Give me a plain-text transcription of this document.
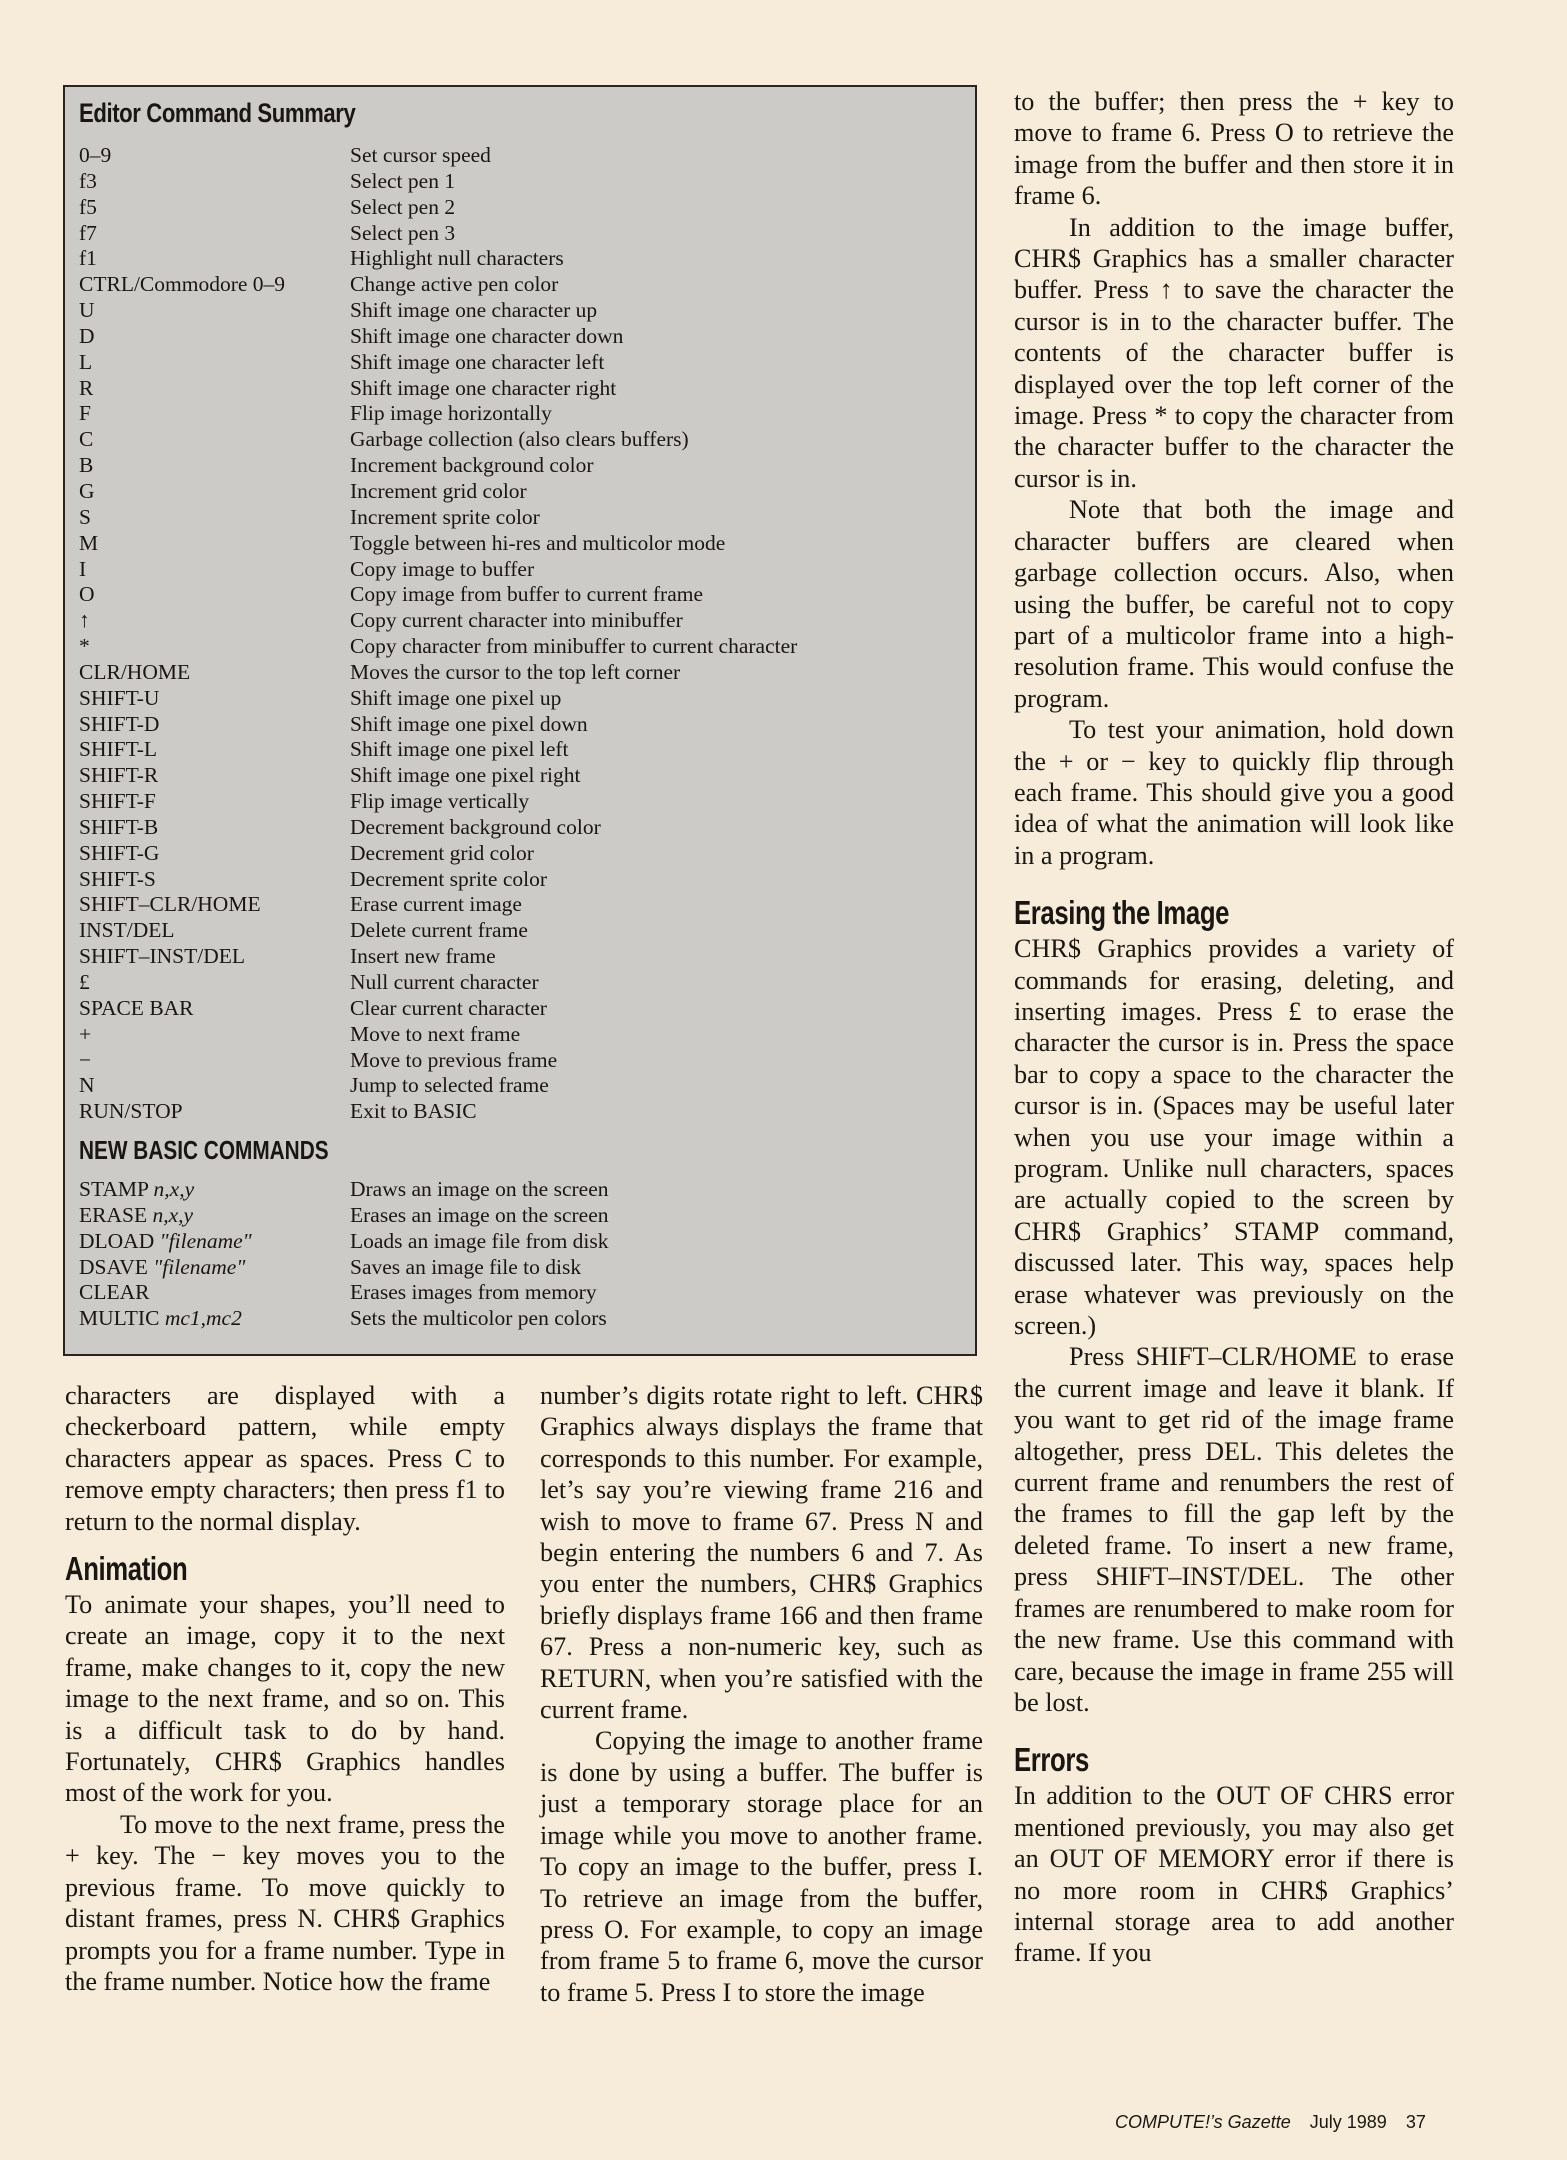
Editor Command Summary
0–9	Set cursor speed
f3	Select pen 1
f5	Select pen 2
f7	Select pen 3
f1	Highlight null characters
CTRL/Commodore 0–9	Change active pen color
U	Shift image one character up
D	Shift image one character down
L	Shift image one character left
R	Shift image one character right
F	Flip image horizontally
C	Garbage collection (also clears buffers)
B	Increment background color
G	Increment grid color
S	Increment sprite color
M	Toggle between hi-res and multicolor mode
I	Copy image to buffer
O	Copy image from buffer to current frame
↑	Copy current character into minibuffer
*	Copy character from minibuffer to current character
CLR/HOME	Moves the cursor to the top left corner
SHIFT-U	Shift image one pixel up
SHIFT-D	Shift image one pixel down
SHIFT-L	Shift image one pixel left
SHIFT-R	Shift image one pixel right
SHIFT-F	Flip image vertically
SHIFT-B	Decrement background color
SHIFT-G	Decrement grid color
SHIFT-S	Decrement sprite color
SHIFT–CLR/HOME	Erase current image
INST/DEL	Delete current frame
SHIFT–INST/DEL	Insert new frame
£	Null current character
SPACE BAR	Clear current character
+	Move to next frame
−	Move to previous frame
N	Jump to selected frame
RUN/STOP	Exit to BASIC
NEW BASIC COMMANDS
STAMP n,x,y	Draws an image on the screen
ERASE n,x,y	Erases an image on the screen
DLOAD "filename"	Loads an image file from disk
DSAVE "filename"	Saves an image file to disk
CLEAR	Erases images from memory
MULTIC mc1,mc2	Sets the multicolor pen colors

characters are displayed with a checkerboard pattern, while empty characters appear as spaces. Press C to remove empty characters; then press f1 to return to the normal display.

Animation

To animate your shapes, you’ll need to create an image, copy it to the next frame, make changes to it, copy the new image to the next frame, and so on. This is a difficult task to do by hand. Fortunately, CHR$ Graphics handles most of the work for you.

To move to the next frame, press the + key. The − key moves you to the previous frame. To move quickly to distant frames, press N. CHR$ Graphics prompts you for a frame number. Type in the frame number. Notice how the frame

number’s digits rotate right to left. CHR$ Graphics always displays the frame that corresponds to this number. For example, let’s say you’re viewing frame 216 and wish to move to frame 67. Press N and begin entering the numbers 6 and 7. As you enter the numbers, CHR$ Graphics briefly displays frame 166 and then frame 67. Press a non-numeric key, such as RETURN, when you’re satisfied with the current frame.

Copying the image to another frame is done by using a buffer. The buffer is just a temporary storage place for an image while you move to another frame. To copy an image to the buffer, press I. To retrieve an image from the buffer, press O. For example, to copy an image from frame 5 to frame 6, move the cursor to frame 5. Press I to store the image

to the buffer; then press the + key to move to frame 6. Press O to retrieve the image from the buffer and then store it in frame 6.

In addition to the image buffer, CHR$ Graphics has a smaller character buffer. Press ↑ to save the character the cursor is in to the character buffer. The contents of the character buffer is displayed over the top left corner of the image. Press * to copy the character from the character buffer to the character the cursor is in.

Note that both the image and character buffers are cleared when garbage collection occurs. Also, when using the buffer, be careful not to copy part of a multicolor frame into a high-resolution frame. This would confuse the program.

To test your animation, hold down the + or − key to quickly flip through each frame. This should give you a good idea of what the animation will look like in a program.

Erasing the Image

CHR$ Graphics provides a variety of commands for erasing, deleting, and inserting images. Press £ to erase the character the cursor is in. Press the space bar to copy a space to the character the cursor is in. (Spaces may be useful later when you use your image within a program. Unlike null characters, spaces are actually copied to the screen by CHR$ Graphics’ STAMP command, discussed later. This way, spaces help erase whatever was previously on the screen.)

Press SHIFT–CLR/HOME to erase the current image and leave it blank. If you want to get rid of the image frame altogether, press DEL. This deletes the current frame and renumbers the rest of the frames to fill the gap left by the deleted frame. To insert a new frame, press SHIFT–INST/DEL. The other frames are renumbered to make room for the new frame. Use this command with care, because the image in frame 255 will be lost.

Errors

In addition to the OUT OF CHRS error mentioned previously, you may also get an OUT OF MEMORY error if there is no more room in CHR$ Graphics’ internal storage area to add another frame. If you

COMPUTE!’s Gazette July 1989 37
